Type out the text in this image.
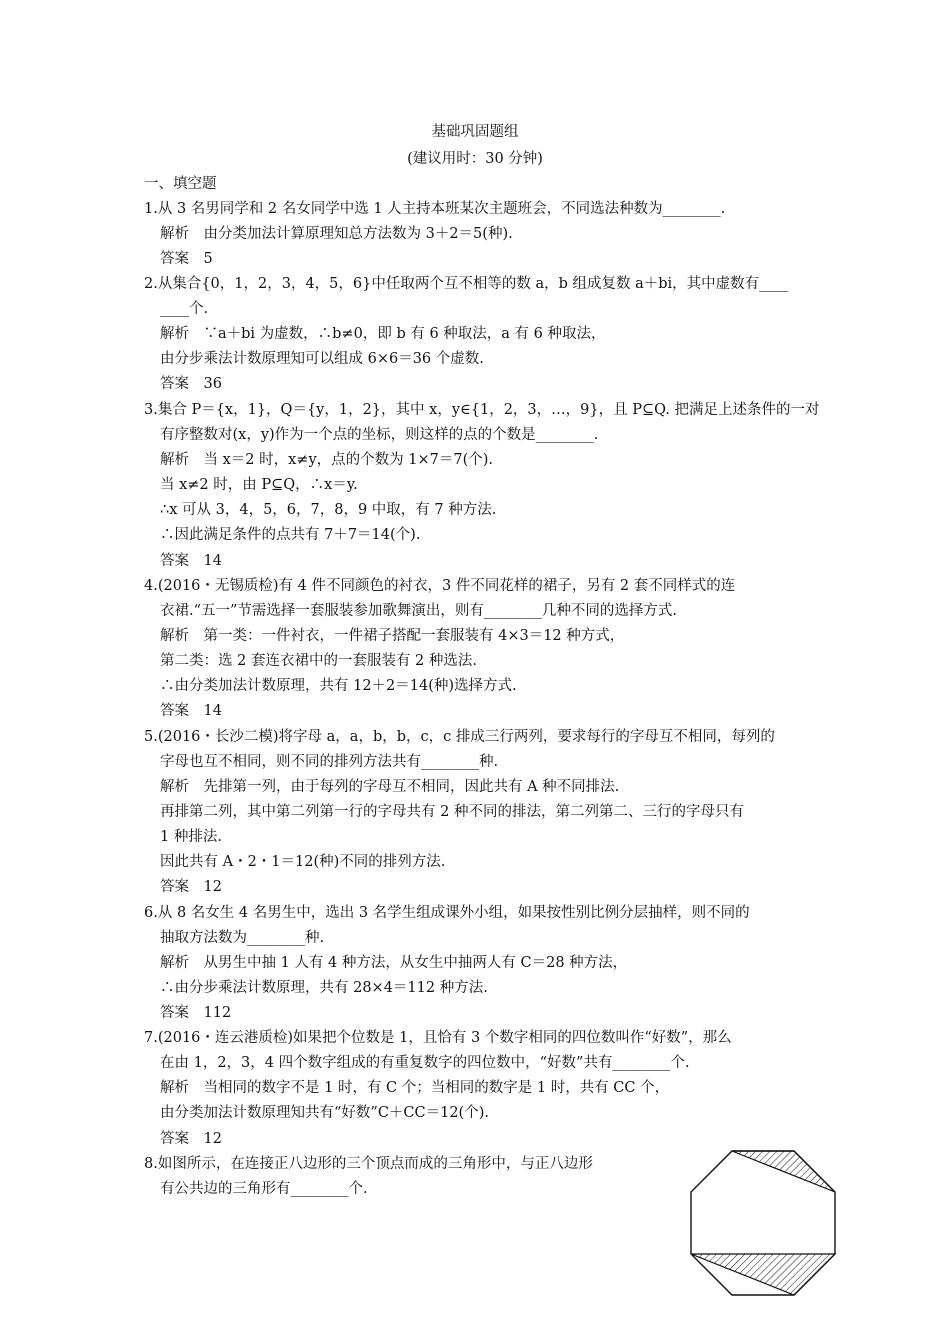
基础巩固题组
(建议用时：30 分钟)
一、填空题
1.从 3 名男同学和 2 名女同学中选 1 人主持本班某次主题班会，不同选法种数为________.
解析　由分类加法计算原理知总方法数为 3＋2＝5(种).
答案　5
2.从集合{0，1，2，3，4，5，6}中任取两个互不相等的数 a，b 组成复数 a＋bi，其中虚数有____
____个.
解析　∵a＋bi 为虚数，∴b≠0，即 b 有 6 种取法，a 有 6 种取法，
由分步乘法计数原理知可以组成 6×6＝36 个虚数.
答案　36
3.集合 P＝{x，1}，Q＝{y，1，2}，其中 x，y∈{1，2，3，…，9}，且 P⊆Q. 把满足上述条件的一对
有序整数对(x，y)作为一个点的坐标，则这样的点的个数是________.
解析　当 x＝2 时，x≠y，点的个数为 1×7＝7(个).
当 x≠2 时，由 P⊆Q，∴x＝y.
∴x 可从 3，4，5，6，7，8，9 中取，有 7 种方法.
∴因此满足条件的点共有 7＋7＝14(个).
答案　14
4.(2016・无锡质检)有 4 件不同颜色的衬衣，3 件不同花样的裙子，另有 2 套不同样式的连
衣裙.“五一”节需选择一套服装参加歌舞演出，则有________几种不同的选择方式.
解析　第一类：一件衬衣，一件裙子搭配一套服装有 4×3＝12 种方式，
第二类：选 2 套连衣裙中的一套服装有 2 种选法.
∴由分类加法计数原理，共有 12＋2＝14(种)选择方式.
答案　14
5.(2016・长沙二模)将字母 a，a，b，b，c，c 排成三行两列，要求每行的字母互不相同，每列的
字母也互不相同，则不同的排列方法共有________种.
解析　先排第一列，由于每列的字母互不相同，因此共有 A 种不同排法.
再排第二列，其中第二列第一行的字母共有 2 种不同的排法，第二列第二、三行的字母只有
1 种排法.
因此共有 A・2・1＝12(种)不同的排列方法.
答案　12
6.从 8 名女生 4 名男生中，选出 3 名学生组成课外小组，如果按性别比例分层抽样，则不同的
抽取方法数为________种.
解析　从男生中抽 1 人有 4 种方法，从女生中抽两人有 C＝28 种方法，
∴由分步乘法计数原理，共有 28×4＝112 种方法.
答案　112
7.(2016・连云港质检)如果把个位数是 1，且恰有 3 个数字相同的四位数叫作“好数”，那么
在由 1，2，3，4 四个数字组成的有重复数字的四位数中，“好数”共有________个.
解析　当相同的数字不是 1 时，有 C 个；当相同的数字是 1 时，共有 CC 个，
由分类加法计数原理知共有“好数”C＋CC＝12(个).
答案　12
8.如图所示，在连接正八边形的三个顶点而成的三角形中，与正八边形
有公共边的三角形有________个.
